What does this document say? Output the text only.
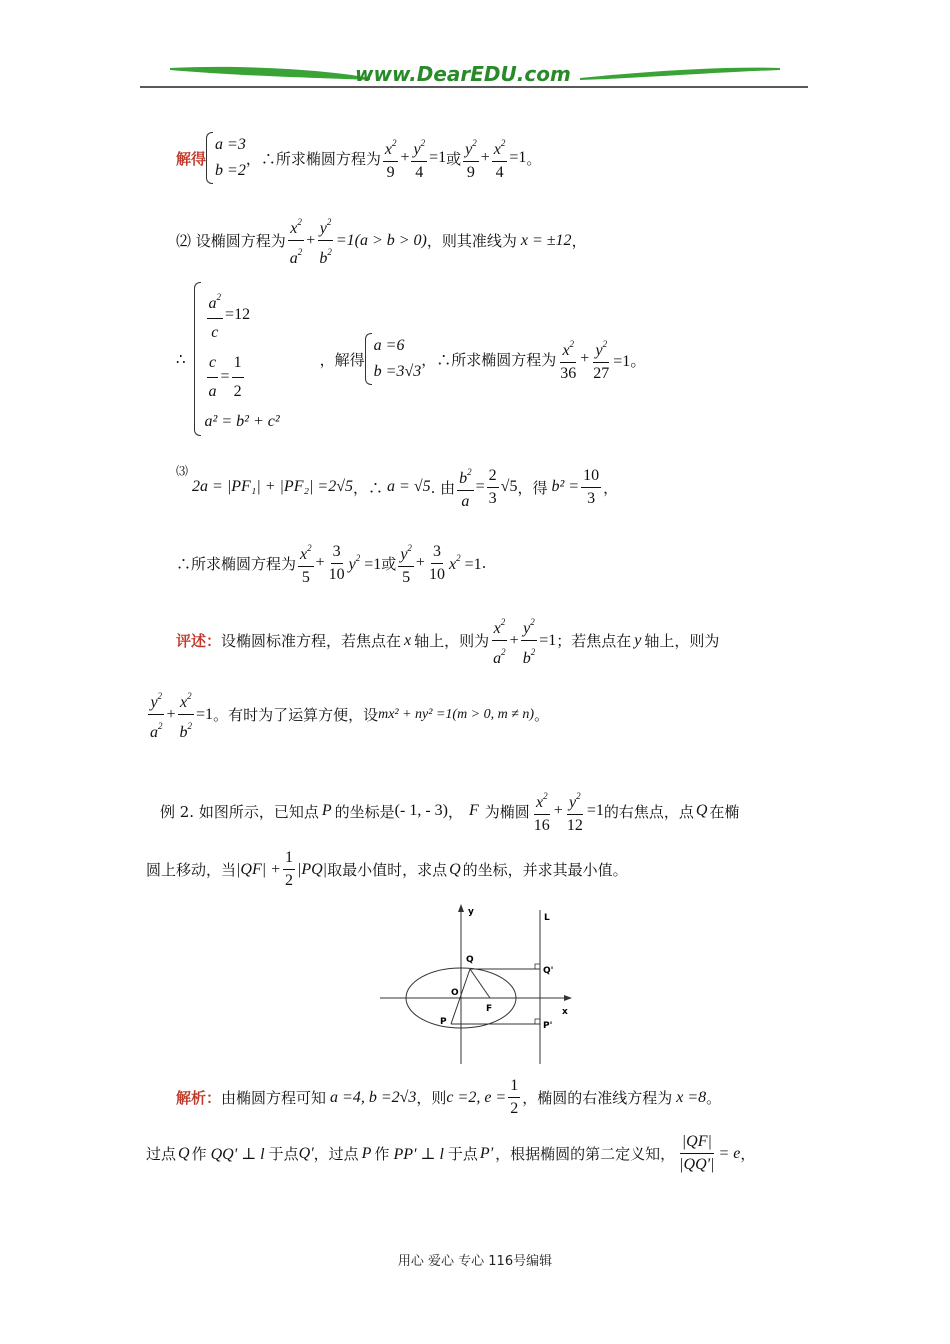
www.DearEDU.com
解得
a =3
b =2
，∴所求椭圆方程为 $\frac{x^2}{9} + \frac{y^2}{4} =1$ 或 $\frac{y^2}{9} + \frac{x^2}{4} =1$ 。
⑵ 设椭圆方程为 $\frac{x^2}{a^2} + \frac{y^2}{b^2} =1(a > b > 0)$ ，则其准线为 x = ±12 ，
∴
$\frac{a^2}{c} =12$
$\frac{c}{a} = \frac{1}{2}$
a² = b² + c²
，解得
a =6
b =3√3
，∴所求椭圆方程为 $\frac{x^2}{36} + \frac{y^2}{27} =1$。
⑶
2a = |PF₁| + |PF₂| =2√5 ，∴ a = √5 . 由 $\frac{b^2}{a} = \frac{2}{3} √5$ ，得 $b^2 = \frac{10}{3}$ ，
∴所求椭圆方程为 $\frac{x^2}{5} + \frac{3}{10} y^2 =1$ 或 $\frac{y^2}{5} + \frac{3}{10} x^2 =1$ .
评述： 设椭圆标准方程，若焦点在 x 轴上，则为 $\frac{x^2}{a^2} + \frac{y^2}{b^2} =1$ ；若焦点在 y 轴上，则为
$\frac{y^2}{a^2} + \frac{x^2}{b^2} =1$ 。有时为了运算方便，设 mx² + ny² =1(m > 0, m ≠ n) 。
例 2. 如图所示，已知点 P 的坐标是 (- 1, - 3) ， F 为椭圆 $\frac{x^2}{16} + \frac{y^2}{12} =1$ 的右焦点，点 Q 在椭
圆上移动，当 $|QF| + \frac{1}{2} |PQ|$ 取最小值时，求点 Q 的坐标，并求其最小值。
y
x
L
Q
Q'
O
F
P	P'
解析： 由椭圆方程可知 a =4, b =2√3 ，则 c =2, $e = \frac{1}{2}$ ，椭圆的右准线方程为 x =8 。
过点 Q 作 QQ' ⊥ l 于点 Q' ，过点 P 作 PP' ⊥ l 于点 P' ，根据椭圆的第二定义知， $\frac{|QF|}{|QQ'|} = e$ ，
用心 爱心 专心 116号编辑
